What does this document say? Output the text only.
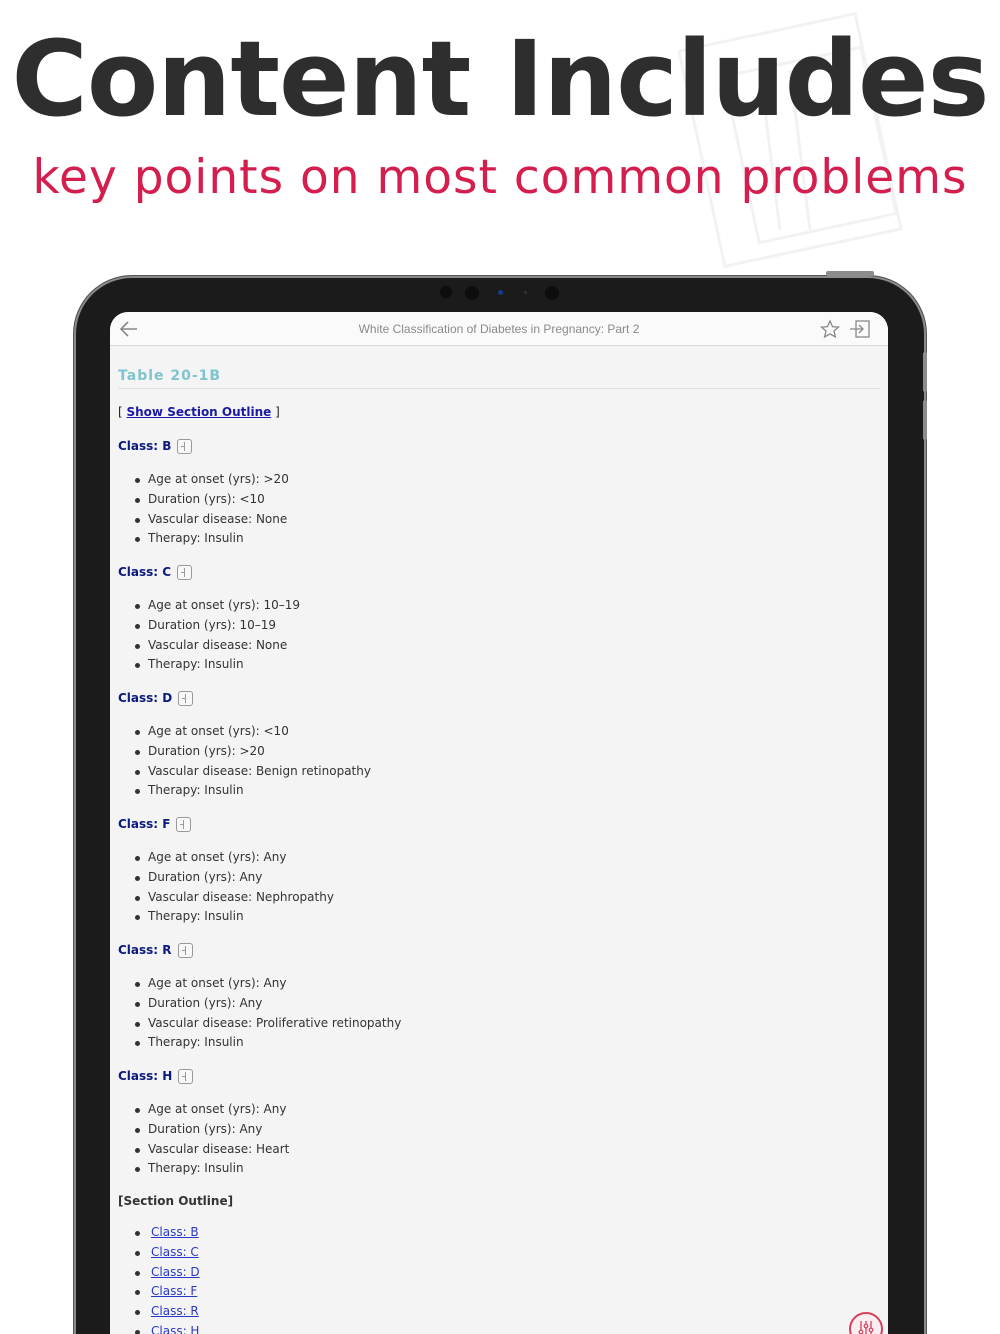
Content Includes
key points on most common problems
White Classification of Diabetes in Pregnancy: Part 2
Table 20-1B
[ Show Section Outline ]
Class: B
Age at onset (yrs): >20
Duration (yrs): <10
Vascular disease: None
Therapy: Insulin
Class: C
Age at onset (yrs): 10–19
Duration (yrs): 10–19
Vascular disease: None
Therapy: Insulin
Class: D
Age at onset (yrs): <10
Duration (yrs): >20
Vascular disease: Benign retinopathy
Therapy: Insulin
Class: F
Age at onset (yrs): Any
Duration (yrs): Any
Vascular disease: Nephropathy
Therapy: Insulin
Class: R
Age at onset (yrs): Any
Duration (yrs): Any
Vascular disease: Proliferative retinopathy
Therapy: Insulin
Class: H
Age at onset (yrs): Any
Duration (yrs): Any
Vascular disease: Heart
Therapy: Insulin
[Section Outline]
Class: B
Class: C
Class: D
Class: F
Class: R
Class: H
